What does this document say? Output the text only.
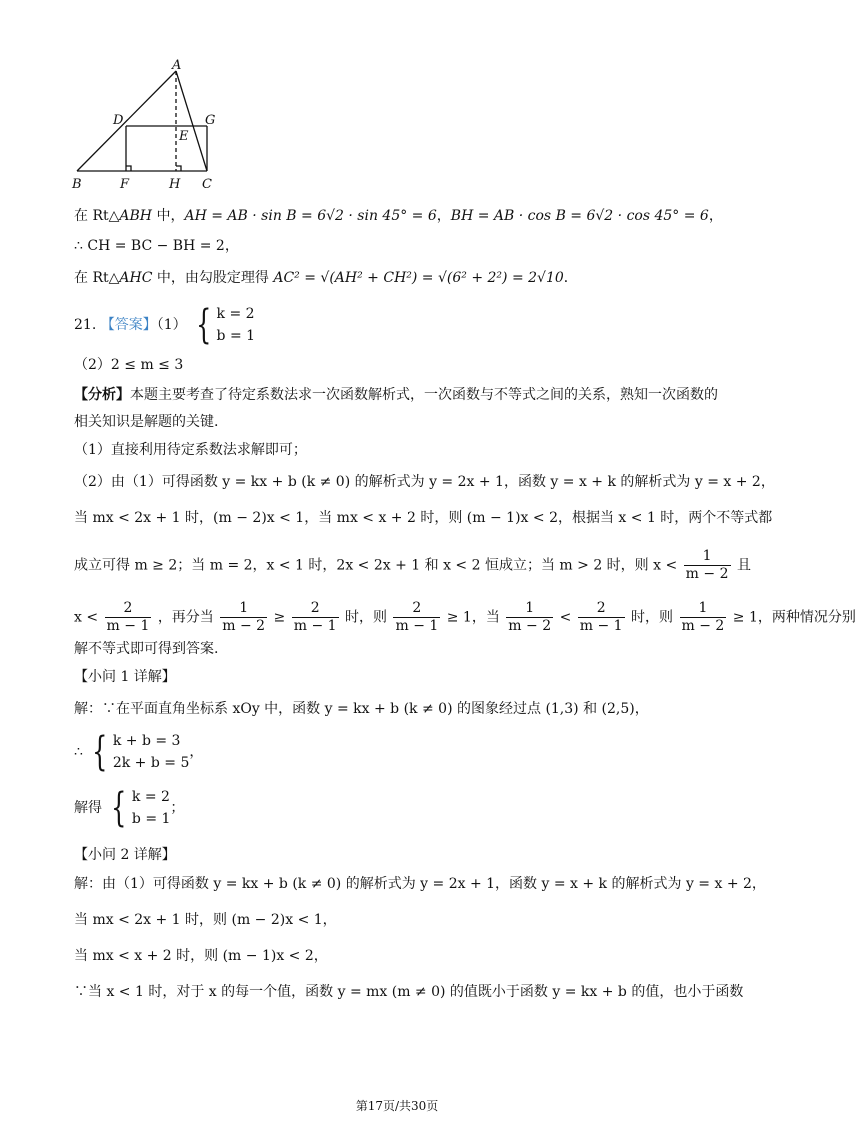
A
D	G
E
B	F	H C
在 Rt△ABH 中，AH = AB · sin B = 6√2 · sin 45° = 6，BH = AB · cos B = 6√2 · cos 45° = 6，
∴ CH = BC − BH = 2，
在 Rt△AHC 中，由勾股定理得 AC² = √(AH² + CH²) = √(6² + 2²) = 2√10．
21. 【答案】（1） { k = 2
b = 1
（2）2 ≤ m ≤ 3
【分析】本题主要考查了待定系数法求一次函数解析式，一次函数与不等式之间的关系，熟知一次函数的
相关知识是解题的关键.
（1）直接利用待定系数法求解即可；
（2）由（1）可得函数 y = kx + b (k ≠ 0) 的解析式为 y = 2x + 1，函数 y = x + k 的解析式为 y = x + 2，
当 mx < 2x + 1 时，(m − 2)x < 1，当 mx < x + 2 时，则 (m − 1)x < 2，根据当 x < 1 时，两个不等式都
成立可得 m ≥ 2；当 m = 2，x < 1 时，2x < 2x + 1 和 x < 2 恒成立；当 m > 2 时，则 $x < \frac{1}{m - 2}$ 且
$x < \frac{2}{m - 1}$ ，再分当 $\frac{1}{m - 2} \ge \frac{2}{m - 1}$ 时，则 $\frac{2}{m - 1} \ge 1$，当 $\frac{1}{m - 2} < \frac{2}{m - 1}$ 时，则 $\frac{1}{m - 2} \ge 1$，两种情况分别
解不等式即可得到答案.
【小问 1 详解】
解：∵在平面直角坐标系 xOy 中，函数 y = kx + b (k ≠ 0) 的图象经过点 (1,3) 和 (2,5)，
∴ { k + b = 3
2k + b = 5
，
解得 { k = 2
b = 1
；
【小问 2 详解】
解：由（1）可得函数 y = kx + b (k ≠ 0) 的解析式为 y = 2x + 1，函数 y = x + k 的解析式为 y = x + 2，
当 mx < 2x + 1 时，则 (m − 2)x < 1，
当 mx < x + 2 时，则 (m − 1)x < 2，
∵当 x < 1 时，对于 x 的每一个值，函数 y = mx (m ≠ 0) 的值既小于函数 y = kx + b 的值，也小于函数
第17页/共30页
